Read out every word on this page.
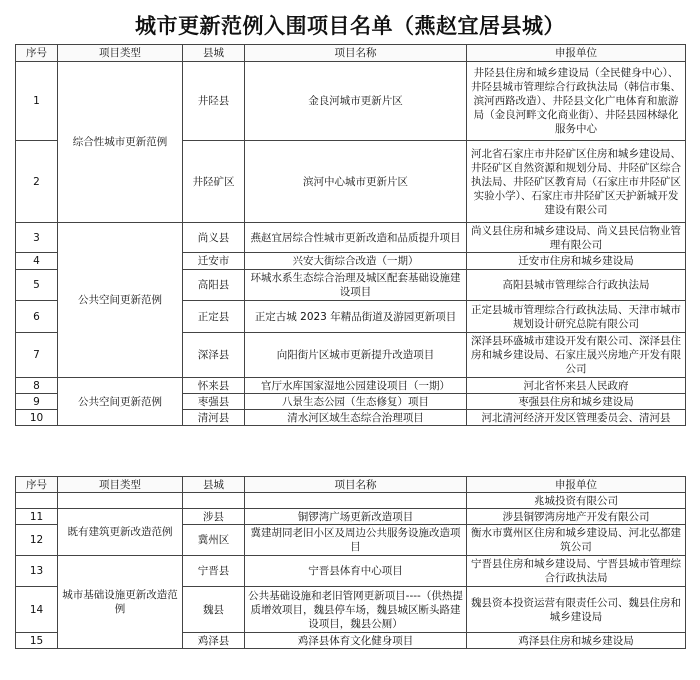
城市更新范例入围项目名单（燕赵宜居县城）
序号	项目类型	县城	项目名称	申报单位
1	综合性城市更新范例	井陉县	金良河城市更新片区	井陉县住房和城乡建设局（全民健身中心）、井陉县城市管理综合行政执法局（韩信市集、滨河西路改造）、井陉县文化广电体育和旅游局（金良河畔文化商业街）、井陉县园林绿化服务中心
2		井陉矿区	滨河中心城市更新片区	河北省石家庄市井陉矿区住房和城乡建设局、井陉矿区自然资源和规划分局、井陉矿区综合执法局、井陉矿区教育局（石家庄市井陉矿区实验小学）、石家庄市井陉矿区天护新城开发建设有限公司
3	公共空间更新范例	尚义县	燕赵宜居综合性城市更新改造和品质提升项目	尚义县住房和城乡建设局、尚义县民信物业管理有限公司
4		迁安市	兴安大街综合改造（一期）	迁安市住房和城乡建设局
5		高阳县	环城水系生态综合治理及城区配套基础设施建设项目	高阳县城市管理综合行政执法局
6		正定县	正定古城 2023 年精品街道及游园更新项目	正定县城市管理综合行政执法局、天津市城市规划设计研究总院有限公司
7		深泽县	向阳街片区城市更新提升改造项目	深泽县环盛城市建设开发有限公司、深泽县住房和城乡建设局、石家庄晟兴房地产开发有限公司
8	公共空间更新范例	怀来县	官厅水库国家湿地公园建设项目（一期）	河北省怀来县人民政府
9		枣强县	八景生态公园（生态修复）项目	枣强县住房和城乡建设局
10		清河县	清水河区域生态综合治理项目	河北清河经济开发区管理委员会、清河县
序号	项目类型	县城	项目名称	申报单位
				兆城投资有限公司
11	既有建筑更新改造范例	涉县	铜锣湾广场更新改造项目	涉县铜锣湾房地产开发有限公司
12		冀州区	冀建胡同老旧小区及周边公共服务设施改造项目	衡水市冀州区住房和城乡建设局、河北弘都建筑公司
13	城市基础设施更新改造范例	宁晋县	宁晋县体育中心项目	宁晋县住房和城乡建设局、宁晋县城市管理综合行政执法局
14		魏县	公共基础设施和老旧管网更新项目----（供热提质增效项目，魏县停车场，魏县城区断头路建设项目，魏县公厕）	魏县资本投资运营有限责任公司、魏县住房和城乡建设局
15		鸡泽县	鸡泽县体育文化健身项目	鸡泽县住房和城乡建设局
